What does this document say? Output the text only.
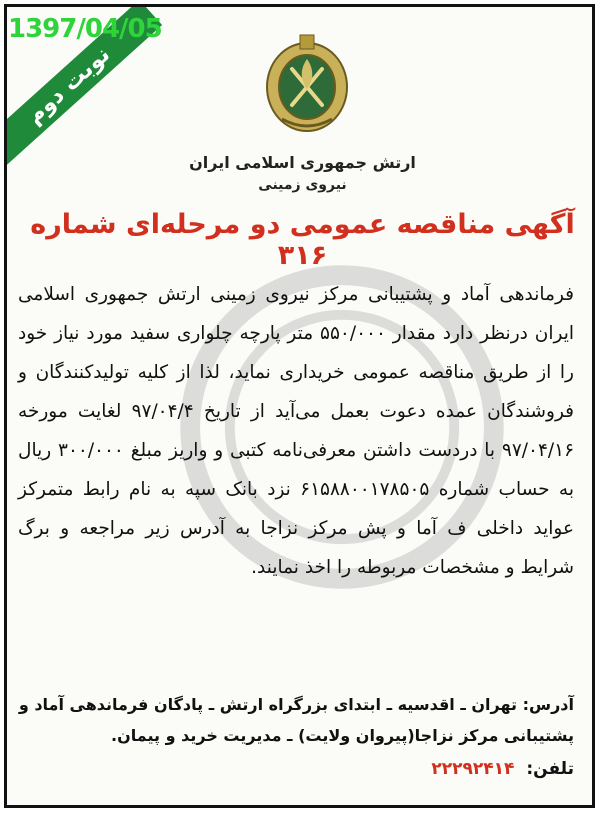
نوبت دوم
ارتش جمهوری اسلامی ایران
نیروی زمینی
آگهی مناقصه عمومی دو مرحله‌ای شماره ۳۱۶
فرماندهی آماد و پشتیبانی مرکز نیروی زمینی ارتش جمهوری اسلامی ایران درنظر دارد مقدار ۵۵۰/۰۰۰ متر پارچه چلواری سفید مورد نیاز خود را از طریق مناقصه عمومی خریداری نماید، لذا از کلیه تولیدکنندگان و فروشندگان عمده دعوت بعمل می‌آید از تاریخ ۹۷/۰۴/۴ لغایت مورخه ۹۷/۰۴/۱۶ با دردست داشتن معرفی‌نامه کتبی و واریز مبلغ ۳۰۰/۰۰۰ ریال به حساب شماره ۶۱۵۸۸۰۰۱۷۸۵۰۵ نزد بانک سپه به نام رابط متمرکز عواید داخلی ف آما و پش مرکز نزاجا به آدرس زیر مراجعه و برگ شرایط و مشخصات مربوطه را اخذ نمایند.
آدرس: تهران ـ اقدسیه ـ ابتدای بزرگراه ارتش ـ پادگان فرماندهی آماد و پشتیبانی مرکز نزاجا(پیروان ولایت) ـ مدیریت خرید و پیمان.
تلفن: ۲۲۲۹۲۴۱۴
1397/04/05
